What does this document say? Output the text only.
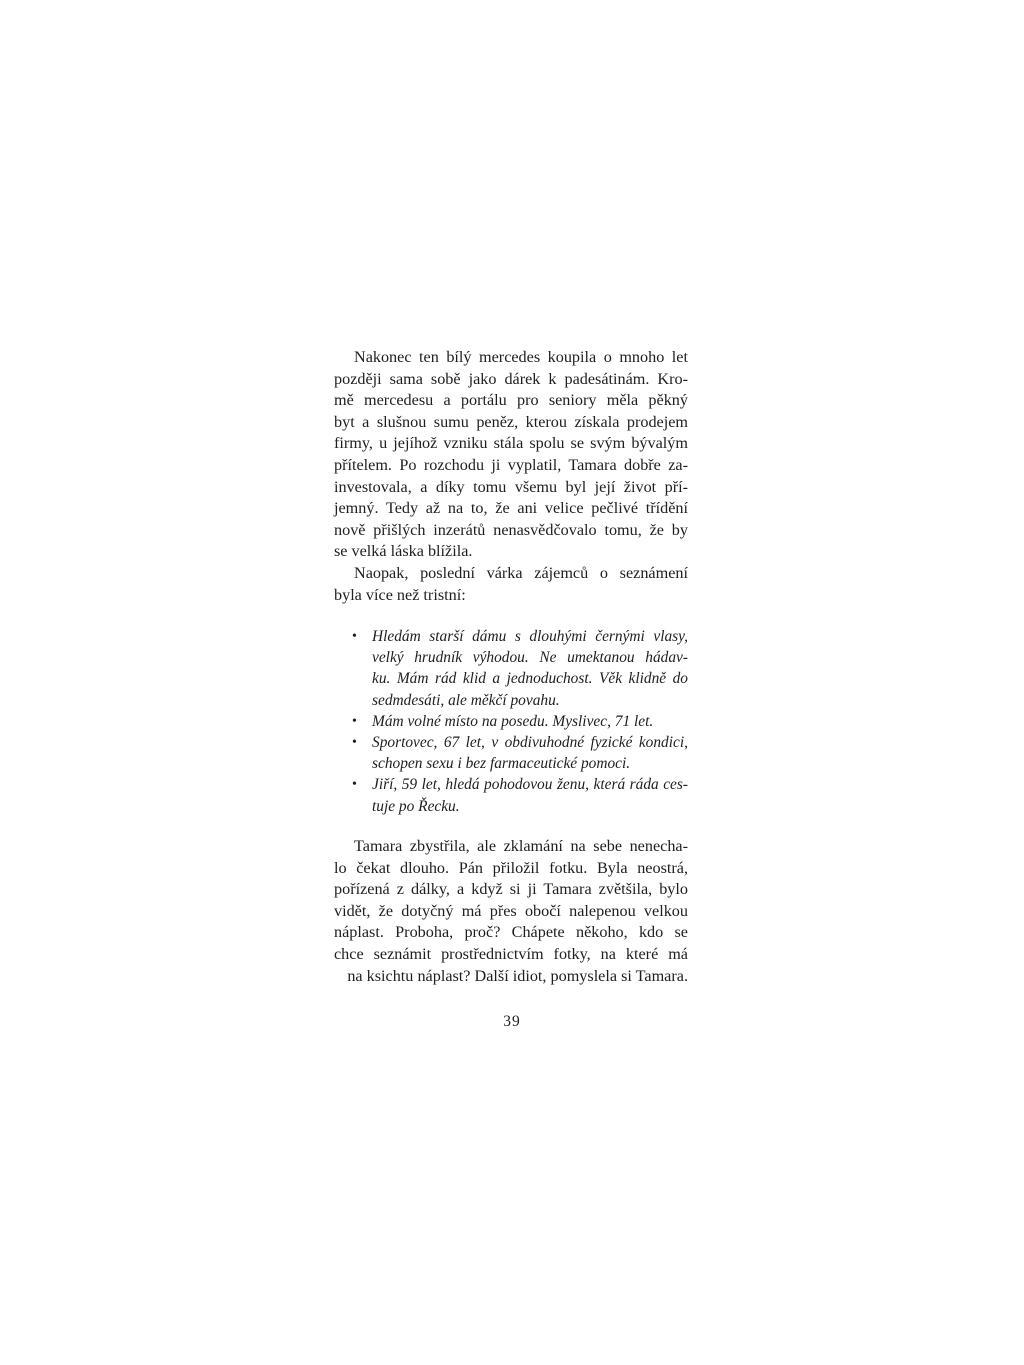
Nakonec ten bílý mercedes koupila o mnoho let
později sama sobě jako dárek k padesátinám. Kro-
mě mercedesu a portálu pro seniory měla pěkný
byt a slušnou sumu peněz, kterou získala prodejem
firmy, u jejíhož vzniku stála spolu se svým bývalým
přítelem. Po rozchodu ji vyplatil, Tamara dobře za-
investovala, a díky tomu všemu byl její život pří-
jemný. Tedy až na to, že ani velice pečlivé třídění
nově přišlých inzerátů nenasvědčovalo tomu, že by
se velká láska blížila.
Naopak, poslední várka zájemců o seznámení
byla více než tristní:
• Hledám starší dámu s dlouhými černými vlasy,
velký hrudník výhodou. Ne umektanou hádav-
ku. Mám rád klid a jednoduchost. Věk klidně do
sedmdesáti, ale měkčí povahu.
• Mám volné místo na posedu. Myslivec, 71 let.
• Sportovec, 67 let, v obdivuhodné fyzické kondici,
schopen sexu i bez farmaceutické pomoci.
• Jiří, 59 let, hledá pohodovou ženu, která ráda ces-
tuje po Řecku.
Tamara zbystřila, ale zklamání na sebe nenecha-
lo čekat dlouho. Pán přiložil fotku. Byla neostrá,
pořízená z dálky, a když si ji Tamara zvětšila, bylo
vidět, že dotyčný má přes obočí nalepenou velkou
náplast. Proboha, proč? Chápete někoho, kdo se
chce seznámit prostřednictvím fotky, na které má
na ksichtu náplast? Další idiot, pomyslela si Tamara.
39
